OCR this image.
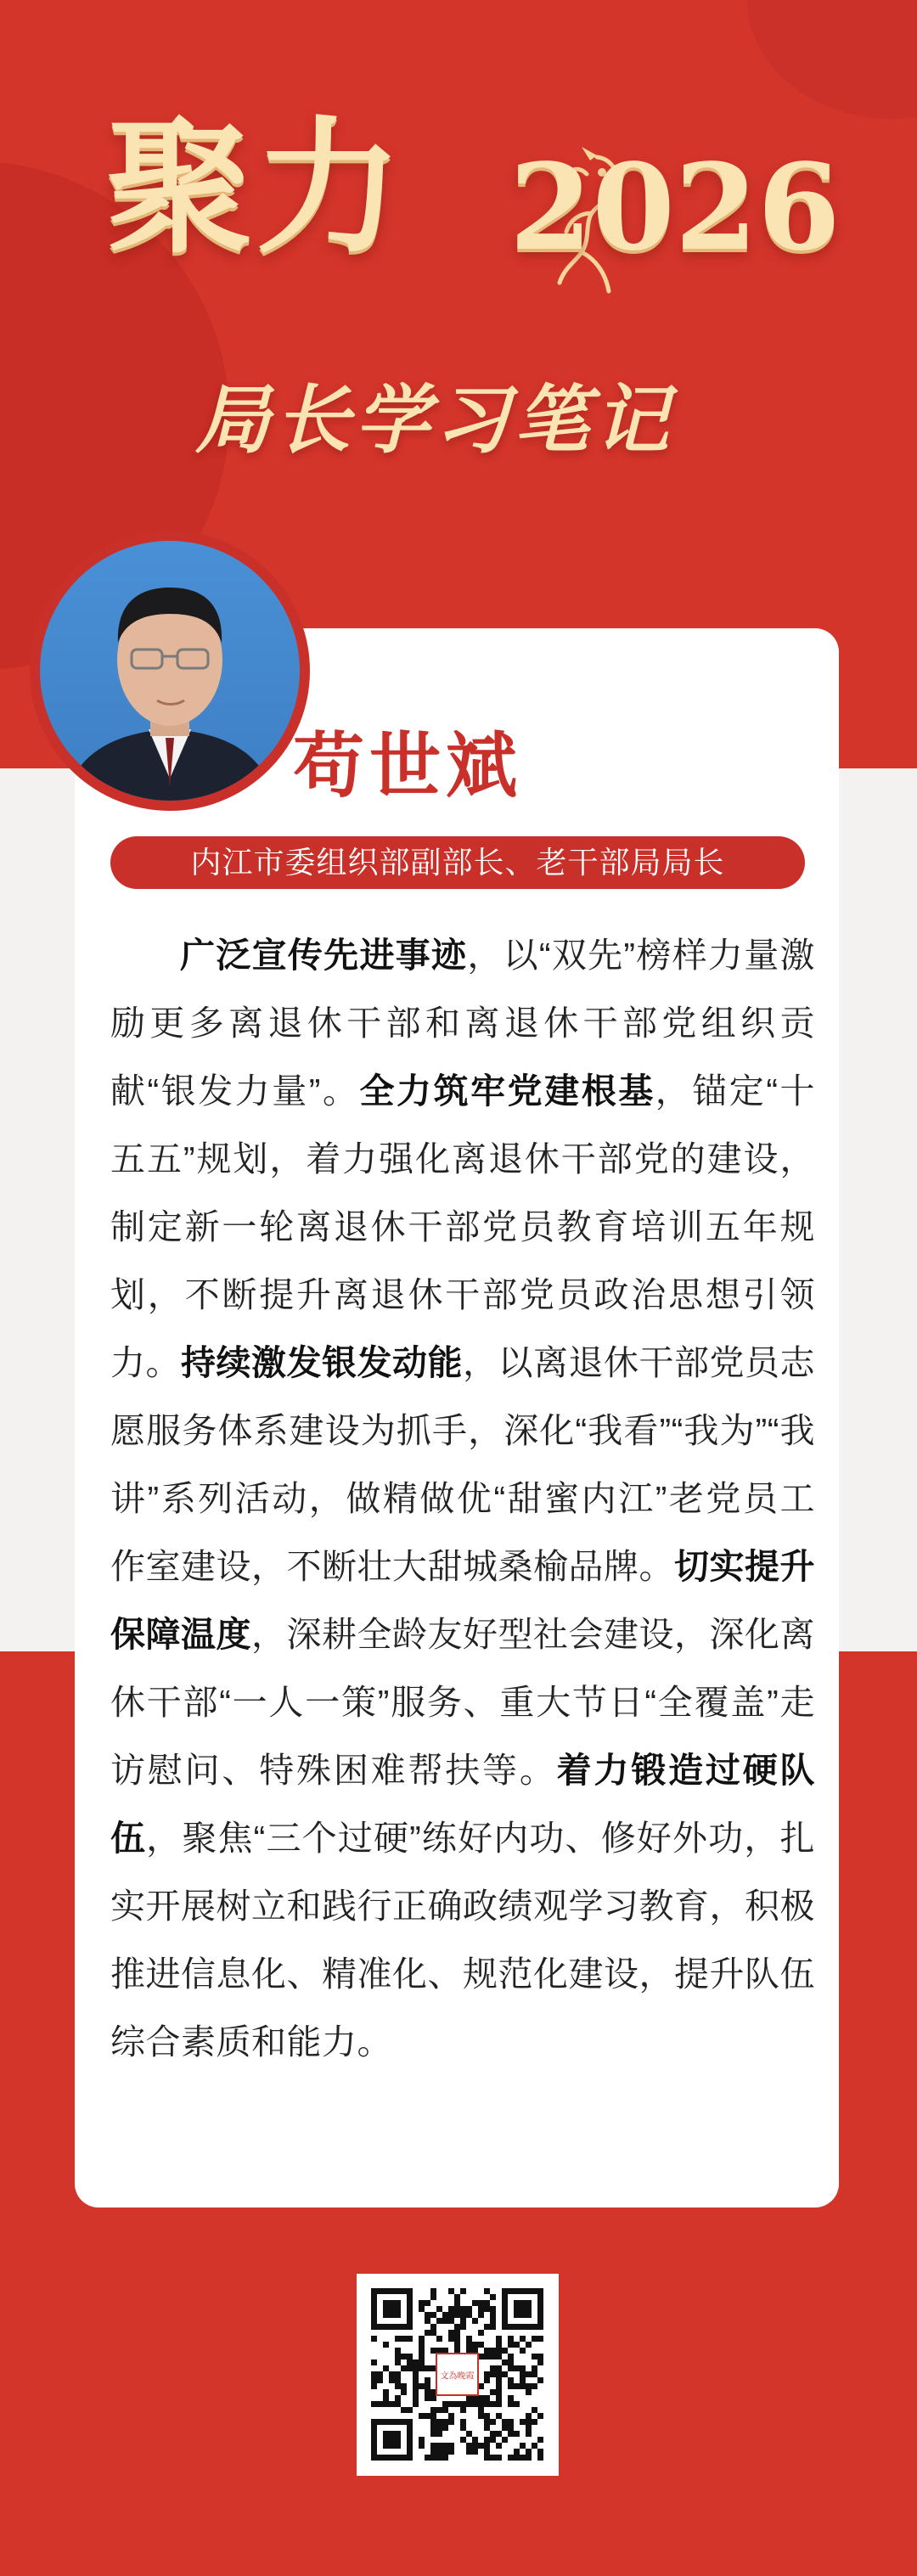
聚力 2026
局长学习笔记
苟世斌
内江市委组织部副部长、老干部局局长
广泛宣传先进事迹，以“双先”榜样力量激励更多离退休干部和离退休干部党组织贡献“银发力量”。全力筑牢党建根基，锚定“十五五”规划，着力强化离退休干部党的建设，制定新一轮离退休干部党员教育培训五年规划，不断提升离退休干部党员政治思想引领力。持续激发银发动能，以离退休干部党员志愿服务体系建设为抓手，深化“我看”“我为”“我讲”系列活动，做精做优“甜蜜内江”老党员工作室建设，不断壮大甜城桑榆品牌。切实提升保障温度，深耕全龄友好型社会建设，深化离休干部“一人一策”服务、重大节日“全覆盖”走访慰问、特殊困难帮扶等。着力锻造过硬队伍，聚焦“三个过硬”练好内功、修好外功，扎实开展树立和践行正确政绩观学习教育，积极推进信息化、精准化、规范化建设，提升队伍综合素质和能力。
文為晚霞
